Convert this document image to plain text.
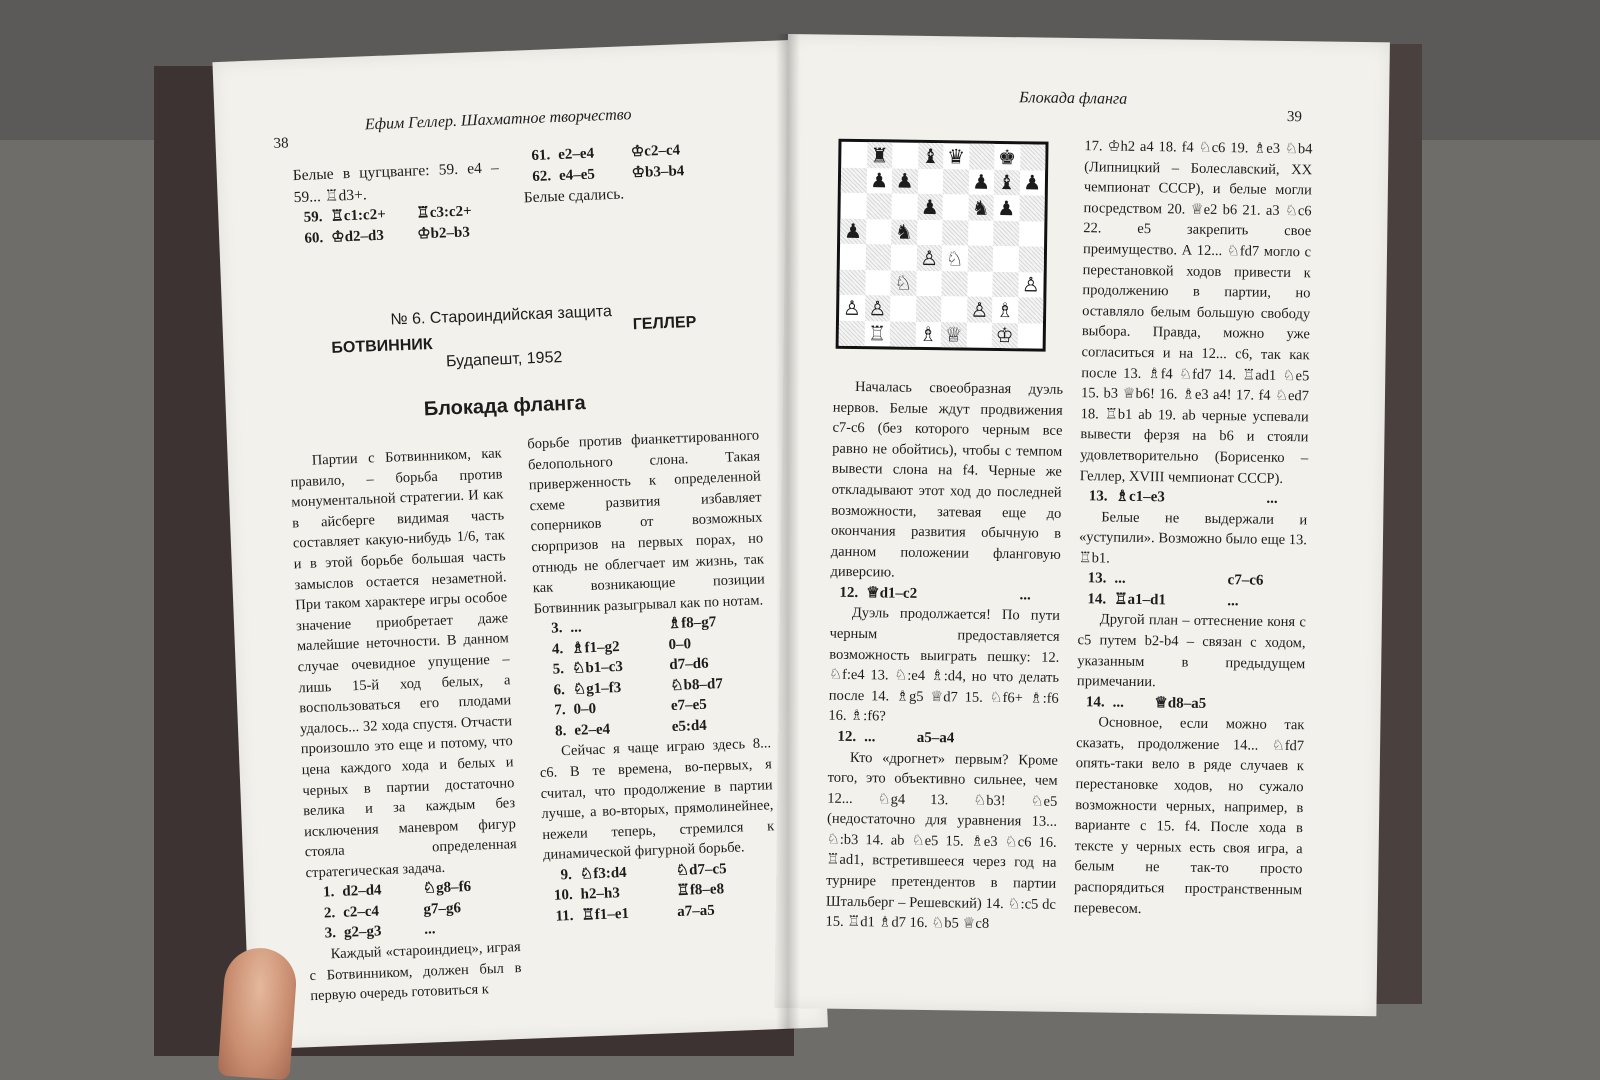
38
Ефим Геллер. Шахматное творчество

Белые в цугцванге: 59. е4 – 59... ♖d3+.

59.	♖c1:c2+	♖c3:c2+
60.	♔d2–d3	♔b2–b3
61.	e2–e4	♔c2–c4
62.	e4–e5	♔b3–b4

Белые сдались.

№ 6. Староиндийская защита
БОТВИННИК
ГЕЛЛЕР
Будапешт, 1952
Блокада фланга

Партии с Ботвинником, как правило, – борьба против монументальной стратегии. И как в айсберге видимая часть составляет какую-нибудь 1/6, так и в этой борьбе большая часть замыслов остается незаметной. При таком характере игры особое значение приобретает даже малейшие неточности. В данном случае очевидное упущение – лишь 15-й ход белых, а воспользоваться его плодами удалось... 32 хода спустя. Отчасти произошло это еще и потому, что цена каждого хода и белых и черных в партии достаточно велика и за каждым без исключения маневром фигур стояла определенная стратегическая задача.

1.	d2–d4	♘g8–f6
2.	c2–c4	g7–g6
3.	g2–g3	...

Каждый «староиндиец», играя с Ботвинником, должен был в первую очередь готовиться к

борьбе против фианкеттированного белопольного слона. Такая приверженность к определенной схеме развития избавляет соперников от возможных сюрпризов на первых порах, но отнюдь не облегчает им жизнь, так как возникающие позиции Ботвинник разыгрывал как по нотам.

3.	...	♗f8–g7
4.	♗f1–g2	0–0
5.	♘b1–c3	d7–d6
6.	♘g1–f3	♘b8–d7
7.	0–0	e7–e5
8.	e2–e4	e5:d4

Сейчас я чаще играю здесь 8... с6. В те времена, во-первых, я считал, что продолжение в партии лучше, а во-вторых, прямолинейнее, нежели теперь, стремился к динамической фигурной борьбе.

9.	♘f3:d4	♘d7–c5
10.	h2–h3	♖f8–e8
11.	♖f1–e1	a7–a5
Блокада фланга
39
♜ ♝ ♛ ♚
♟ ♟	♟ ♝ ♟
♟ ♞ ♟
♟ ♞
♙ ♘
♘	♙
♙ ♙	♙ ♗
♖ ♗ ♕ ♔

Началась своеобразная дуэль нервов. Белые ждут продвижения с7-с6 (без которого черным все равно не обойтись), чтобы с темпом вывести слона на f4. Черные же откладывают этот ход до последней возможности, затевая еще до окончания развития обычную в данном положении фланговую диверсию.

12.	♕d1–c2	...

Дуэль продолжается! По пути черным предоставляется возможность выиграть пешку: 12. ♘f:e4 13. ♘:e4 ♗:d4, но что делать после 14. ♗g5 ♕d7 15. ♘f6+ ♗:f6 16. ♗:f6?

12.	...	a5–a4

Кто «дрогнет» первым? Кроме того, это объективно сильнее, чем 12... ♘g4 13. ♘b3! ♘e5 (недостаточно для уравнения 13... ♘:b3 14. ab ♘e5 15. ♗e3 ♘c6 16. ♖ad1, встретившееся через год на турнире претендентов в партии Штальберг – Решевский) 14. ♘:c5 dc 15. ♖d1 ♗d7 16. ♘b5 ♕c8

17. ♔h2 a4 18. f4 ♘c6 19. ♗e3 ♘b4 (Липницкий – Болеславский, XX чемпионат СССР), и белые могли посредством 20. ♕e2 b6 21. a3 ♘c6 22. e5 закрепить свое преимущество. А 12... ♘fd7 могло с перестановкой ходов привести к продолжению в партии, но оставляло белым большую свободу выбора. Правда, можно уже согласиться и на 12... с6, так как после 13. ♗f4 ♘fd7 14. ♖ad1 ♘e5 15. b3 ♕b6! 16. ♗e3 a4! 17. f4 ♘ed7 18. ♖b1 ab 19. ab черные успевали вывести ферзя на b6 и стояли удовлетворительно (Борисенко – Геллер, XVIII чемпионат СССР).

13.	♗c1–e3	...

Белые не выдержали и «уступили». Возможно было еще 13. ♖b1.

13.	...	c7–c6
14.	♖a1–d1	...

Другой план – оттеснение коня с с5 путем b2-b4 – связан с ходом, указанным в предыдущем примечании.

14.	...	♕d8–a5

Основное, если можно так сказать, продолжение 14... ♘fd7 опять-таки вело в ряде случаев к перестановке ходов, но сужало возможности черных, например, в варианте с 15. f4. После хода в тексте у черных есть своя игра, а белым не так-то просто распорядиться пространственным перевесом.
